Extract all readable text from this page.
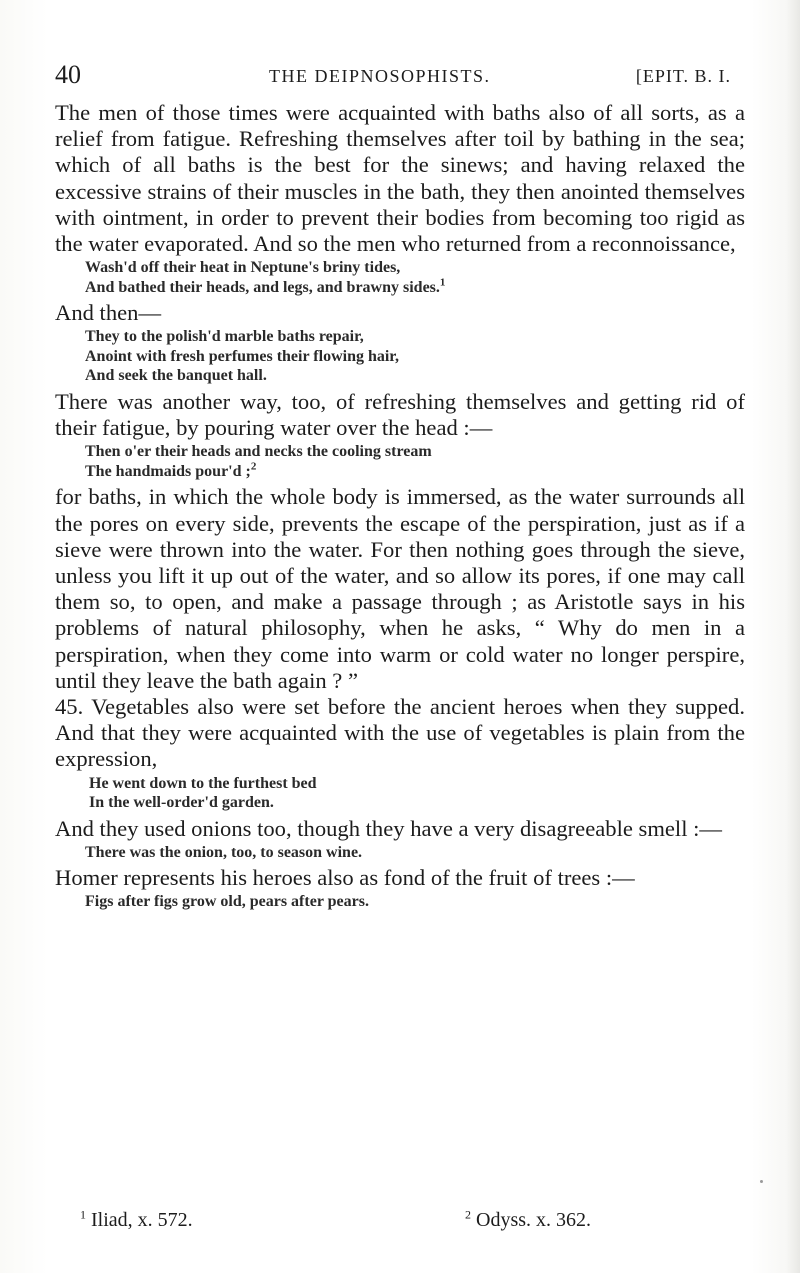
40	THE DEIPNOSOPHISTS.	[EPIT. B. I.

The men of those times were acquainted with baths also of all sorts, as a relief from fatigue. Refreshing themselves after toil by bathing in the sea; which of all baths is the best for the sinews; and having relaxed the excessive strains of their muscles in the bath, they then anointed themselves with ointment, in order to prevent their bodies from becoming too rigid as the water evaporated. And so the men who returned from a reconnoissance,

Wash'd off their heat in Neptune's briny tides,
And bathed their heads, and legs, and brawny sides.$^1$

And then—

They to the polish'd marble baths repair,
Anoint with fresh perfumes their flowing hair,
And seek the banquet hall.

There was another way, too, of refreshing themselves and getting rid of their fatigue, by pouring water over the head :—

Then o'er their heads and necks the cooling stream
The handmaids pour'd ;$^2$

for baths, in which the whole body is immersed, as the water surrounds all the pores on every side, prevents the escape of the perspiration, just as if a sieve were thrown into the water. For then nothing goes through the sieve, unless you lift it up out of the water, and so allow its pores, if one may call them so, to open, and make a passage through ; as Aristotle says in his problems of natural philosophy, when he asks, “ Why do men in a perspiration, when they come into warm or cold water no longer perspire, until they leave the bath again ? ”

45. Vegetables also were set before the ancient heroes when they supped. And that they were acquainted with the use of vegetables is plain from the expression,

He went down to the furthest bed
In the well-order'd garden.

And they used onions too, though they have a very disagreeable smell :—

There was the onion, too, to season wine.

Homer represents his heroes also as fond of the fruit of trees :—

Figs after figs grow old, pears after pears.
$^1$ Iliad, x. 572.	$^2$ Odyss. x. 362.
